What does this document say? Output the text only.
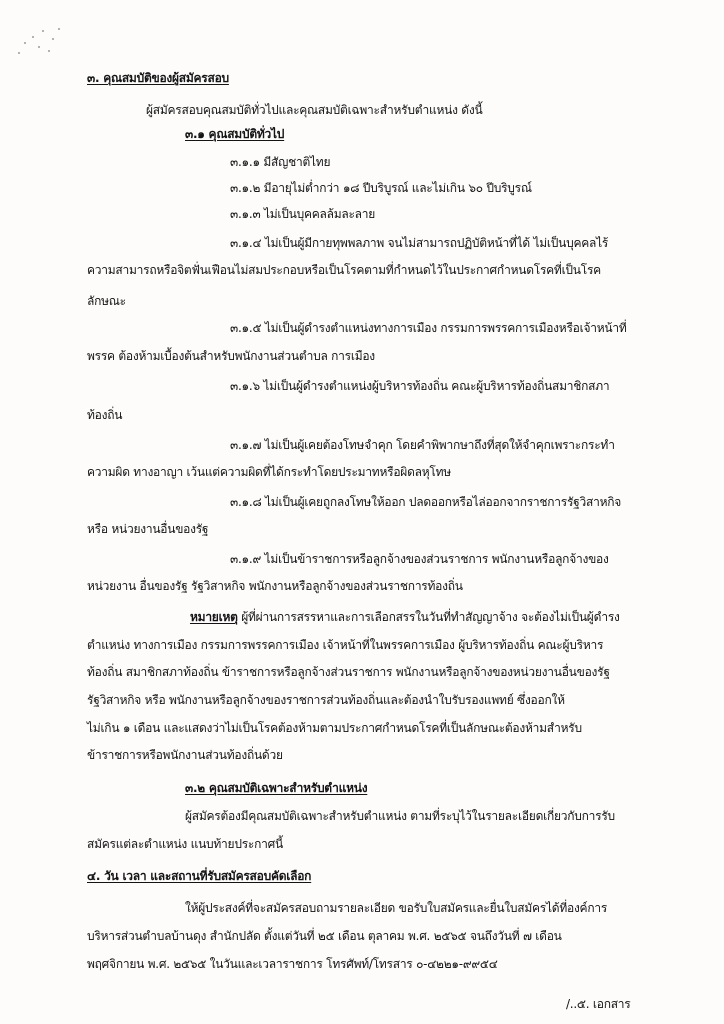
๓. คุณสมบัติของผู้สมัครสอบ
ผู้สมัครสอบคุณสมบัติทั่วไปและคุณสมบัติเฉพาะสำหรับตำแหน่ง ดังนี้
๓.๑ คุณสมบัติทั่วไป
๓.๑.๑ มีสัญชาติไทย
๓.๑.๒ มีอายุไม่ต่ำกว่า ๑๘ ปีบริบูรณ์ และไม่เกิน ๖๐ ปีบริบูรณ์
๓.๑.๓ ไม่เป็นบุคคลล้มละลาย
๓.๑.๔ ไม่เป็นผู้มีกายทุพพลภาพ จนไม่สามารถปฏิบัติหน้าที่ได้ ไม่เป็นบุคคลไร้
ความสามารถหรือจิตฟั่นเฟือนไม่สมประกอบหรือเป็นโรคตามที่กำหนดไว้ในประกาศกำหนดโรคที่เป็นโรค
ลักษณะ
๓.๑.๕ ไม่เป็นผู้ดำรงตำแหน่งทางการเมือง กรรมการพรรคการเมืองหรือเจ้าหน้าที่
พรรค ต้องห้ามเบื้องต้นสำหรับพนักงานส่วนตำบล การเมือง
๓.๑.๖ ไม่เป็นผู้ดำรงตำแหน่งผู้บริหารท้องถิ่น คณะผู้บริหารท้องถิ่นสมาชิกสภา
ท้องถิ่น
๓.๑.๗ ไม่เป็นผู้เคยต้องโทษจำคุก โดยคำพิพากษาถึงที่สุดให้จำคุกเพราะกระทำ
ความผิด ทางอาญา เว้นแต่ความผิดที่ได้กระทำโดยประมาทหรือผิดลหุโทษ
๓.๑.๘ ไม่เป็นผู้เคยถูกลงโทษให้ออก ปลดออกหรือไล่ออกจากราชการรัฐวิสาหกิจ
หรือ หน่วยงานอื่นของรัฐ
๓.๑.๙ ไม่เป็นข้าราชการหรือลูกจ้างของส่วนราชการ พนักงานหรือลูกจ้างของ
หน่วยงาน อื่นของรัฐ รัฐวิสาหกิจ พนักงานหรือลูกจ้างของส่วนราชการท้องถิ่น
หมายเหตุ ผู้ที่ผ่านการสรรหาและการเลือกสรรในวันที่ทำสัญญาจ้าง จะต้องไม่เป็นผู้ดำรง
ตำแหน่ง ทางการเมือง กรรมการพรรคการเมือง เจ้าหน้าที่ในพรรคการเมือง ผู้บริหารท้องถิ่น คณะผู้บริหาร
ท้องถิ่น สมาชิกสภาท้องถิ่น ข้าราชการหรือลูกจ้างส่วนราชการ พนักงานหรือลูกจ้างของหน่วยงานอื่นของรัฐ
รัฐวิสาหกิจ หรือ พนักงานหรือลูกจ้างของราชการส่วนท้องถิ่นและต้องนำใบรับรองแพทย์ ซึ่งออกให้
ไม่เกิน ๑ เดือน และแสดงว่าไม่เป็นโรคต้องห้ามตามประกาศกำหนดโรคที่เป็นลักษณะต้องห้ามสำหรับ
ข้าราชการหรือพนักงานส่วนท้องถิ่นด้วย
๓.๒ คุณสมบัติเฉพาะสำหรับตำแหน่ง
ผู้สมัครต้องมีคุณสมบัติเฉพาะสำหรับตำแหน่ง ตามที่ระบุไว้ในรายละเอียดเกี่ยวกับการรับ
สมัครแต่ละตำแหน่ง แนบท้ายประกาศนี้
๔. วัน เวลา และสถานที่รับสมัครสอบคัดเลือก
ให้ผู้ประสงค์ที่จะสมัครสอบถามรายละเอียด ขอรับใบสมัครและยื่นใบสมัครได้ที่องค์การ
บริหารส่วนตำบลบ้านดุง สำนักปลัด ตั้งแต่วันที่ ๒๕ เดือน ตุลาคม พ.ศ. ๒๕๖๕ จนถึงวันที่ ๗ เดือน
พฤศจิกายน พ.ศ. ๒๕๖๕ ในวันและเวลาราชการ โทรศัพท์/โทรสาร ๐-๔๒๒๑-๙๙๕๔
/..๕. เอกสาร
